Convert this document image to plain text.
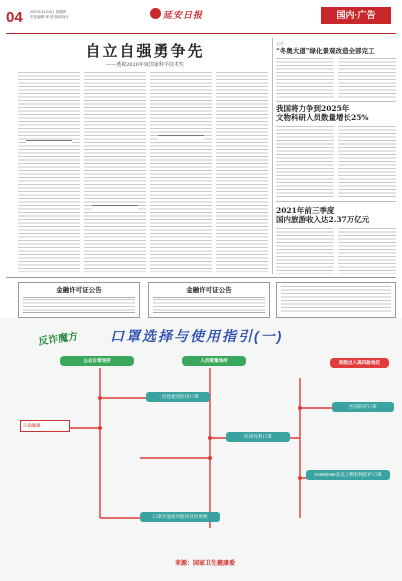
04 2021年11月4日 星期四
责任编辑 审 校 版面设计	延安日报	国内·广告
自立自强勇争先
——透视2020年度国家科学技术奖
北京
“冬奥大道”绿化景观改造全部完工
我国将力争到2025年
文物科研人员数量增长25%
2021年前三季度
国内旅游收入达2.37万亿元
金融许可证公告	金融许可证公告
反诈魔方 口罩选择与使用指引(一)
公众日常场所	人员密集场所	医院出入高风险地区
正确佩戴
一次性使用医用口罩
医用外科口罩
医用防护口罩
KN95/N95及以上颗粒物防护口罩
口罩弄湿或弄脏时及时更换
来源：国家卫生健康委
